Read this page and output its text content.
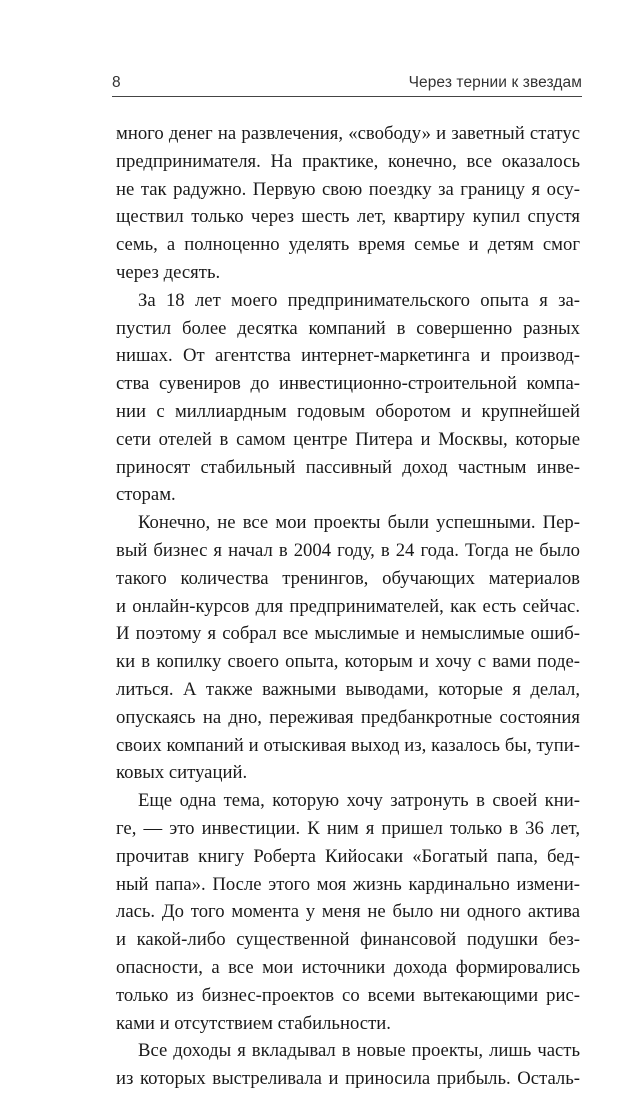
8	Через тернии к звездам

много денег на развлечения, «свободу» и заветный статус
предпринимателя. На практике, конечно, все оказалось
не так радужно. Первую свою поездку за границу я осу-
ществил только через шесть лет, квартиру купил спустя
семь, а полноценно уделять время семье и детям смог
через десять.

За 18 лет моего предпринимательского опыта я за-
пустил более десятка компаний в совершенно разных
нишах. От агентства интернет-маркетинга и производ-
ства сувениров до инвестиционно-строительной компа-
нии с миллиардным годовым оборотом и крупнейшей
сети отелей в самом центре Питера и Москвы, которые
приносят стабильный пассивный доход частным инве-
сторам.

Конечно, не все мои проекты были успешными. Пер-
вый бизнес я начал в 2004 году, в 24 года. Тогда не было
такого количества тренингов, обучающих материалов
и онлайн-курсов для предпринимателей, как есть сейчас.
И поэтому я собрал все мыслимые и немыслимые ошиб-
ки в копилку своего опыта, которым и хочу с вами поде-
литься. А также важными выводами, которые я делал,
опускаясь на дно, переживая предбанкротные состояния
своих компаний и отыскивая выход из, казалось бы, тупи-
ковых ситуаций.

Еще одна тема, которую хочу затронуть в своей кни-
ге, — это инвестиции. К ним я пришел только в 36 лет,
прочитав книгу Роберта Кийосаки «Богатый папа, бед-
ный папа». После этого моя жизнь кардинально измени-
лась. До того момента у меня не было ни одного актива
и какой-либо существенной финансовой подушки без-
опасности, а все мои источники дохода формировались
только из бизнес-проектов со всеми вытекающими рис-
ками и отсутствием стабильности.

Все доходы я вкладывал в новые проекты, лишь часть
из которых выстреливала и приносила прибыль. Осталь-
